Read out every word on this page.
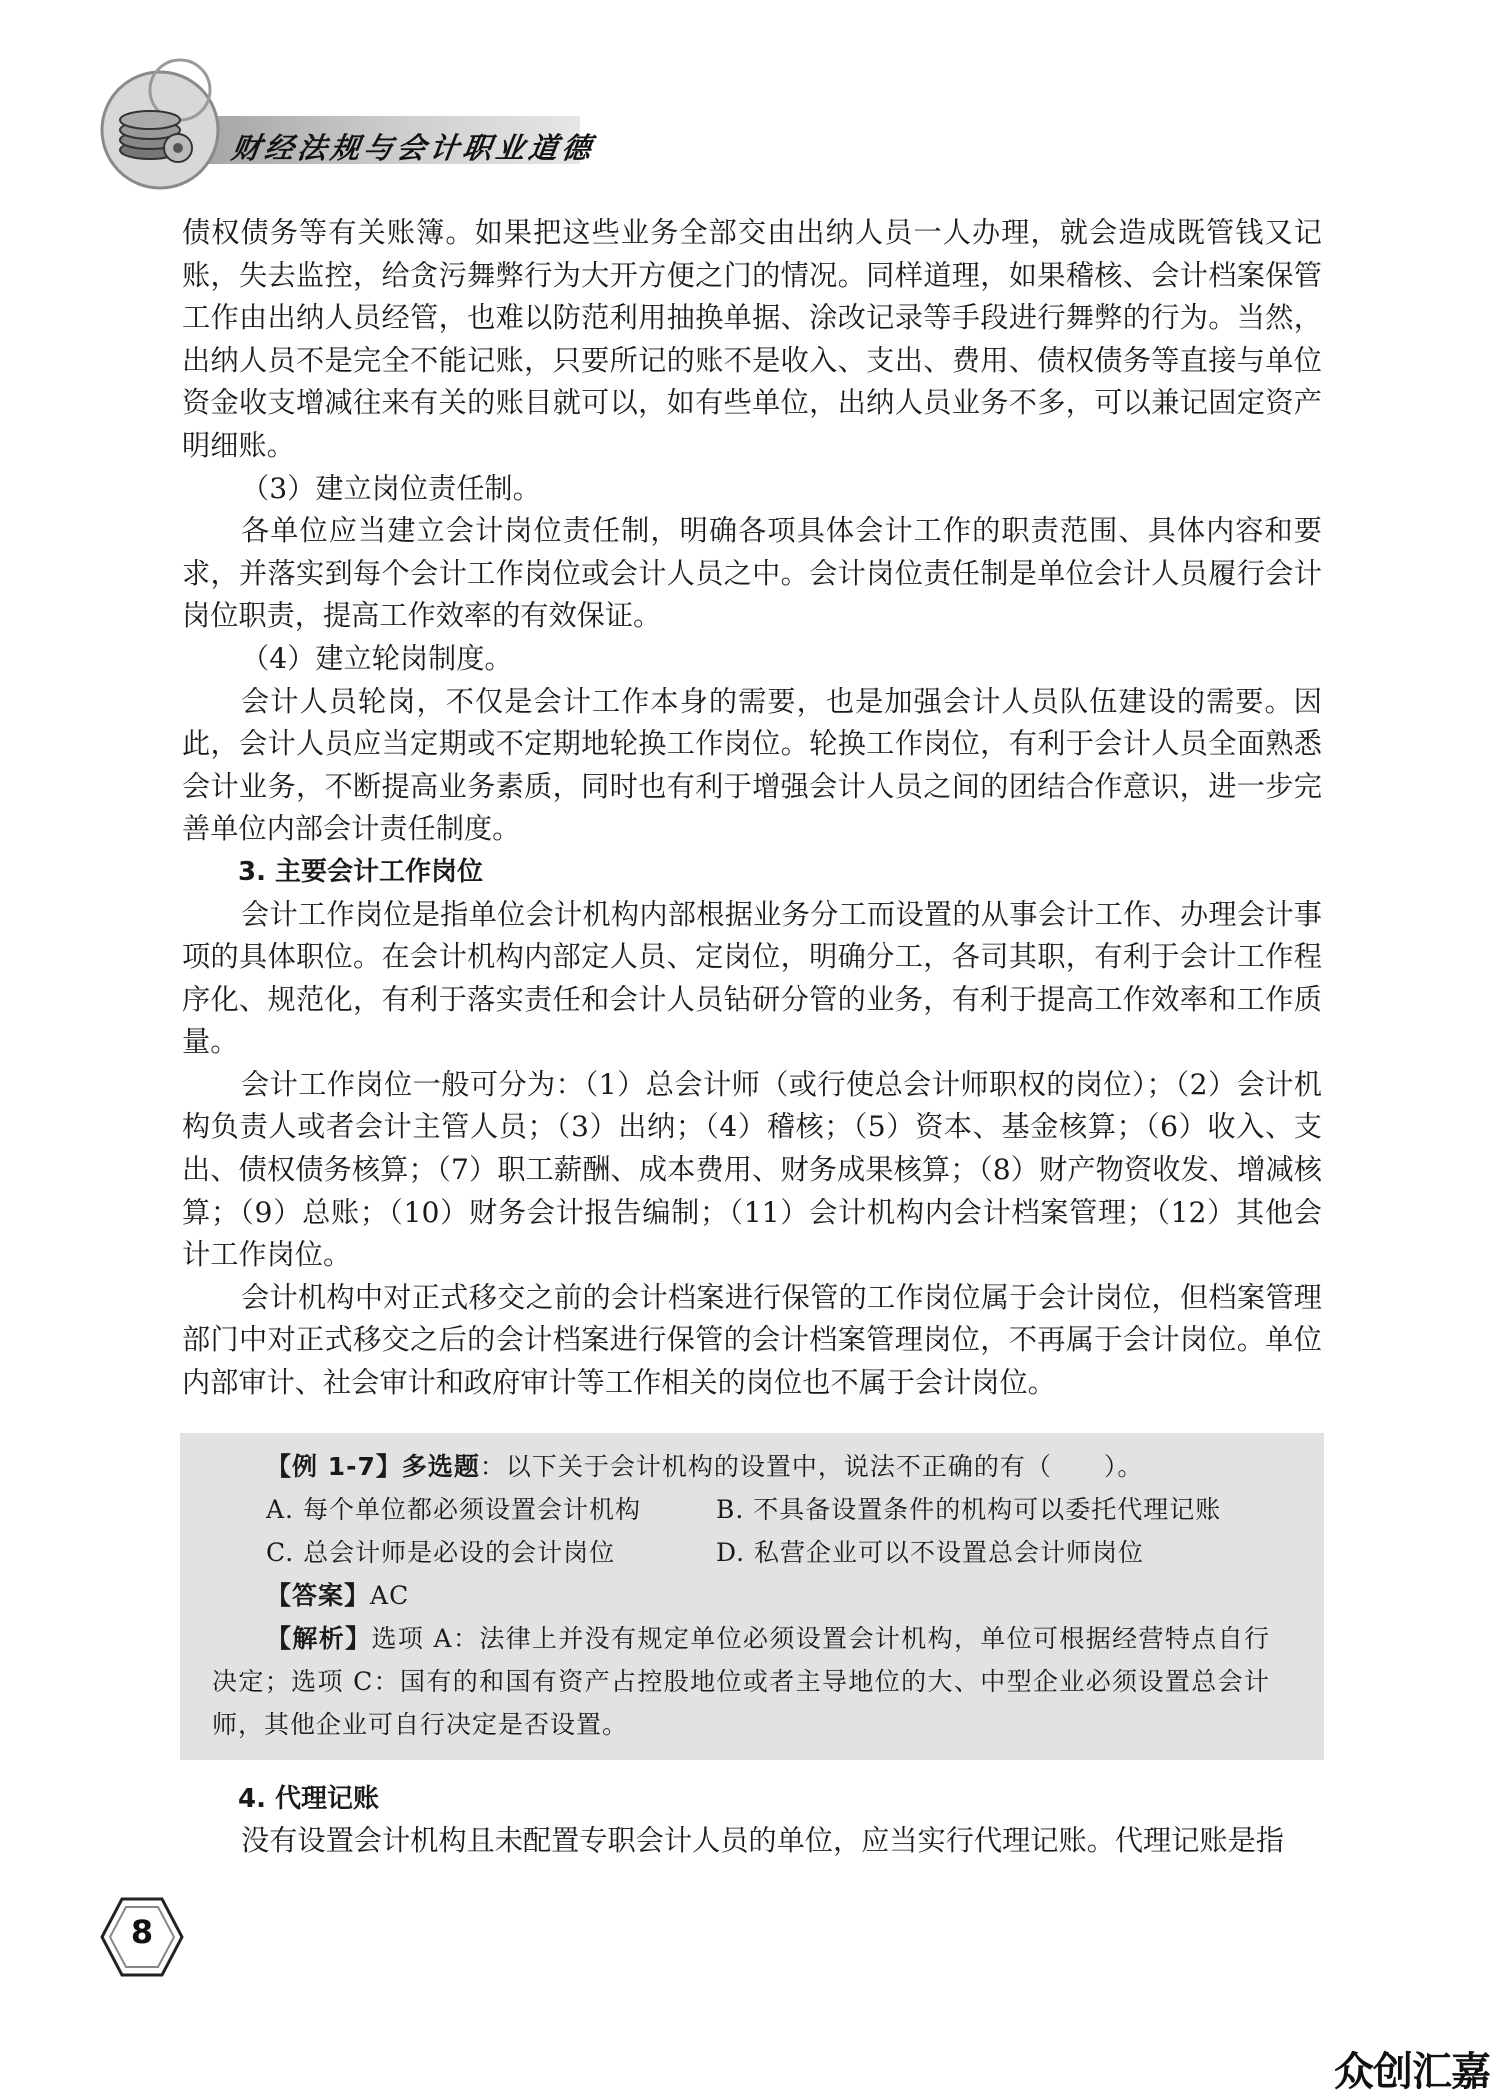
财经法规与会计职业道德

债权债务等有关账簿。如果把这些业务全部交由出纳人员一人办理，就会造成既管钱又记账，失去监控，给贪污舞弊行为大开方便之门的情况。同样道理，如果稽核、会计档案保管工作由出纳人员经管，也难以防范利用抽换单据、涂改记录等手段进行舞弊的行为。当然，出纳人员不是完全不能记账，只要所记的账不是收入、支出、费用、债权债务等直接与单位资金收支增减往来有关的账目就可以，如有些单位，出纳人员业务不多，可以兼记固定资产明细账。

（3）建立岗位责任制。

各单位应当建立会计岗位责任制，明确各项具体会计工作的职责范围、具体内容和要求，并落实到每个会计工作岗位或会计人员之中。会计岗位责任制是单位会计人员履行会计岗位职责，提高工作效率的有效保证。

（4）建立轮岗制度。

会计人员轮岗，不仅是会计工作本身的需要，也是加强会计人员队伍建设的需要。因此，会计人员应当定期或不定期地轮换工作岗位。轮换工作岗位，有利于会计人员全面熟悉会计业务，不断提高业务素质，同时也有利于增强会计人员之间的团结合作意识，进一步完善单位内部会计责任制度。

3. 主要会计工作岗位

会计工作岗位是指单位会计机构内部根据业务分工而设置的从事会计工作、办理会计事项的具体职位。在会计机构内部定人员、定岗位，明确分工，各司其职，有利于会计工作程序化、规范化，有利于落实责任和会计人员钻研分管的业务，有利于提高工作效率和工作质量。

会计工作岗位一般可分为：（1）总会计师（或行使总会计师职权的岗位）；（2）会计机构负责人或者会计主管人员；（3）出纳；（4）稽核；（5）资本、基金核算；（6）收入、支出、债权债务核算；（7）职工薪酬、成本费用、财务成果核算；（8）财产物资收发、增减核算；（9）总账；（10）财务会计报告编制；（11）会计机构内会计档案管理；（12）其他会计工作岗位。

会计机构中对正式移交之前的会计档案进行保管的工作岗位属于会计岗位，但档案管理部门中对正式移交之后的会计档案进行保管的会计档案管理岗位，不再属于会计岗位。单位内部审计、社会审计和政府审计等工作相关的岗位也不属于会计岗位。

【例 1-7】多选题：以下关于会计机构的设置中，说法不正确的有（　　）。

A. 每个单位都必须设置会计机构	B. 不具备设置条件的机构可以委托代理记账
C. 总会计师是必设的会计岗位	D. 私营企业可以不设置总会计师岗位

【答案】AC

【解析】选项 A：法律上并没有规定单位必须设置会计机构，单位可根据经营特点自行决定；选项 C：国有的和国有资产占控股地位或者主导地位的大、中型企业必须设置总会计师，其他企业可自行决定是否设置。

4. 代理记账

没有设置会计机构且未配置专职会计人员的单位，应当实行代理记账。代理记账是指

8
众创汇嘉
